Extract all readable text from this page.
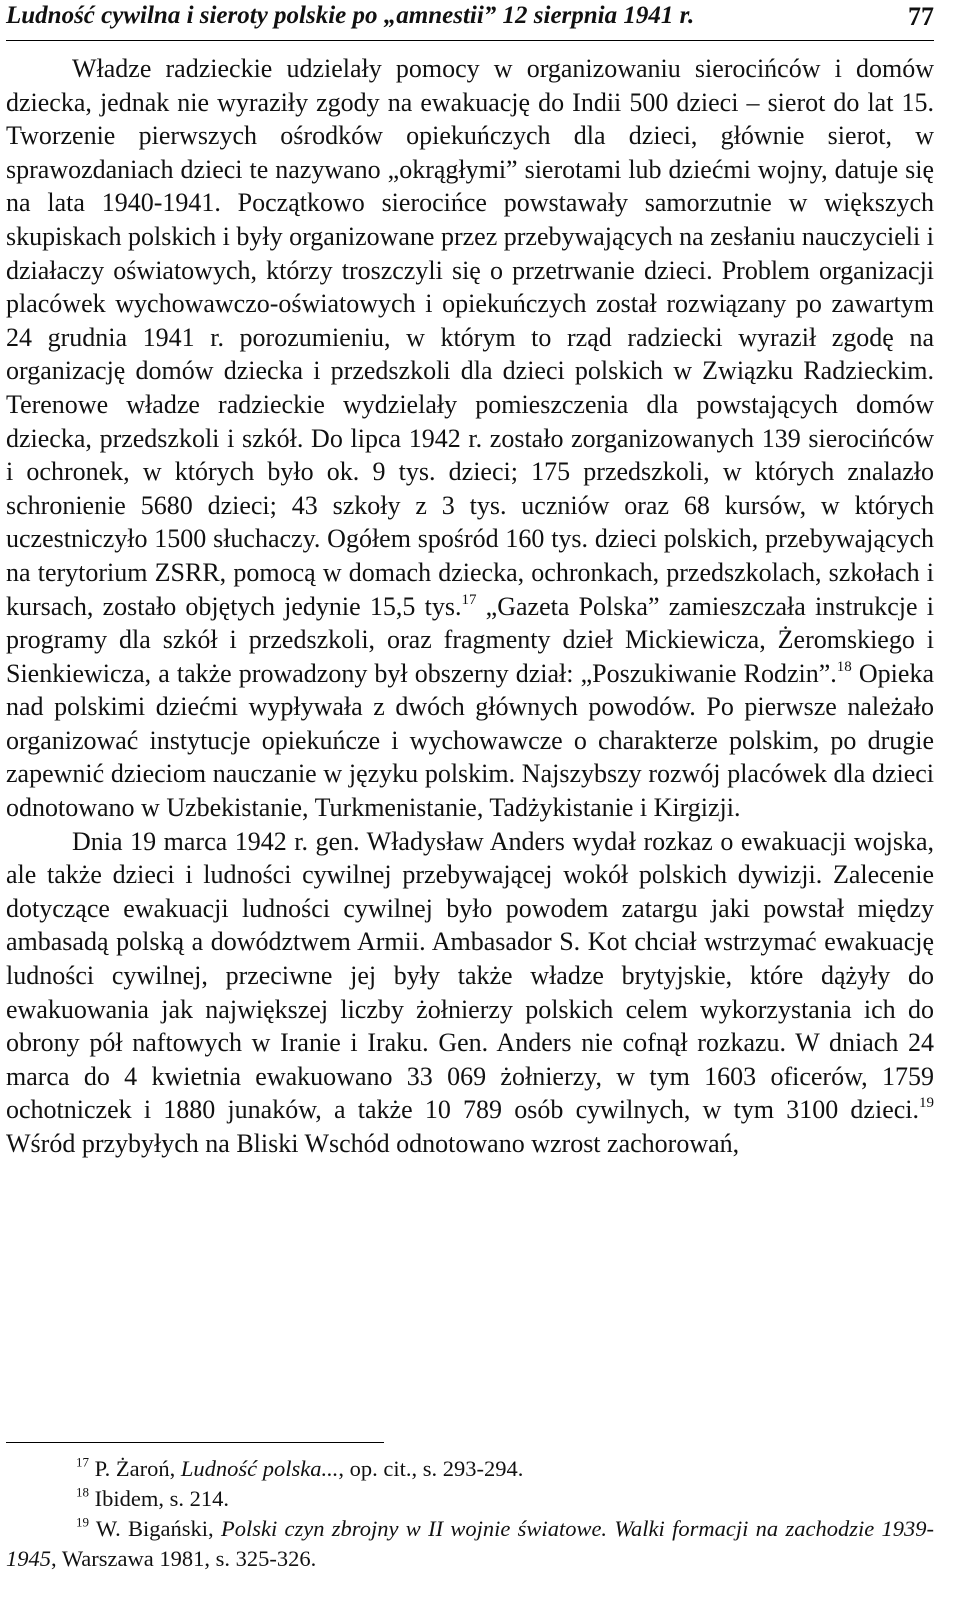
Ludność cywilna i sieroty polskie po „amnestii” 12 sierpnia 1941 r.	77

Władze radzieckie udzielały pomocy w organizowaniu sierocińców i domów dziecka, jednak nie wyraziły zgody na ewakuację do Indii 500 dzieci – sierot do lat 15. Tworzenie pierwszych ośrodków opiekuńczych dla dzieci, głównie sierot, w sprawozdaniach dzieci te nazywano „okrągłymi” sierotami lub dziećmi wojny, datuje się na lata 1940-1941. Początkowo sierocińce powstawały samorzutnie w większych skupiskach polskich i były organizowane przez przebywających na zesłaniu nauczycieli i działaczy oświatowych, którzy troszczyli się o przetrwanie dzieci. Problem organizacji placówek wychowawczo-oświatowych i opiekuńczych został rozwiązany po zawartym 24 grudnia 1941 r. porozumieniu, w którym to rząd radziecki wyraził zgodę na organizację domów dziecka i przedszkoli dla dzieci polskich w Związku Radzieckim. Terenowe władze radzieckie wydzielały pomieszczenia dla powstających domów dziecka, przedszkoli i szkół. Do lipca 1942 r. zostało zorganizowanych 139 sierocińców i ochronek, w których było ok. 9 tys. dzieci; 175 przedszkoli, w których znalazło schronienie 5680 dzieci; 43 szkoły z 3 tys. uczniów oraz 68 kursów, w których uczestniczyło 1500 słuchaczy. Ogółem spośród 160 tys. dzieci polskich, przebywających na terytorium ZSRR, pomocą w domach dziecka, ochronkach, przedszkolach, szkołach i kursach, zostało objętych jedynie 15,5 tys.$^{17}$ „Gazeta Polska” zamieszczała instrukcje i programy dla szkół i przedszkoli, oraz fragmenty dzieł Mickiewicza, Żeromskiego i Sienkiewicza, a także prowadzony był obszerny dział: „Poszukiwanie Rodzin”.$^{18}$ Opieka nad polskimi dziećmi wypływała z dwóch głównych powodów. Po pierwsze należało organizować instytucje opiekuńcze i wychowawcze o charakterze polskim, po drugie zapewnić dzieciom nauczanie w języku polskim. Najszybszy rozwój placówek dla dzieci odnotowano w Uzbekistanie, Turkmenistanie, Tadżykistanie i Kirgizji.

Dnia 19 marca 1942 r. gen. Władysław Anders wydał rozkaz o ewakuacji wojska, ale także dzieci i ludności cywilnej przebywającej wokół polskich dywizji. Zalecenie dotyczące ewakuacji ludności cywilnej było powodem zatargu jaki powstał między ambasadą polską a dowództwem Armii. Ambasador S. Kot chciał wstrzymać ewakuację ludności cywilnej, przeciwne jej były także władze brytyjskie, które dążyły do ewakuowania jak największej liczby żołnierzy polskich celem wykorzystania ich do obrony pół naftowych w Iranie i Iraku. Gen. Anders nie cofnął rozkazu. W dniach 24 marca do 4 kwietnia ewakuowano 33 069 żołnierzy, w tym 1603 oficerów, 1759 ochotniczek i 1880 junaków, a także 10 789 osób cywilnych, w tym 3100 dzieci.$^{19}$ Wśród przybyłych na Bliski Wschód odnotowano wzrost zachorowań,

$^{17}$ P. Żaroń, Ludność polska..., op. cit., s. 293-294.

$^{18}$ Ibidem, s. 214.

$^{19}$ W. Bigański, Polski czyn zbrojny w II wojnie światowe. Walki formacji na zachodzie 1939-1945, Warszawa 1981, s. 325-326.
